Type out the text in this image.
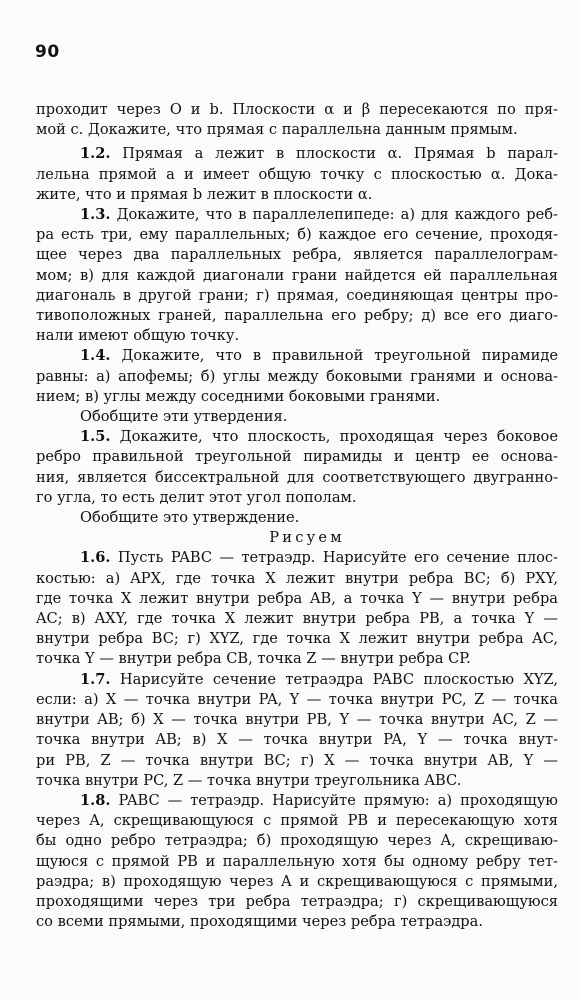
90
проходит через O и b. Плоскости α и β пересекаются по пря-
мой c. Докажите, что прямая c параллельна данным прямым.
1.2. Прямая a лежит в плоскости α. Прямая b парал-
лельна прямой a и имеет общую точку с плоскостью α. Дока-
жите, что и прямая b лежит в плоскости α.
1.3. Докажите, что в параллелепипеде: а) для каждого реб-
ра есть три, ему параллельных; б) каждое его сечение, проходя-
щее через два параллельных ребра, является параллелограм-
мом; в) для каждой диагонали грани найдется ей параллельная
диагональ в другой грани; г) прямая, соединяющая центры про-
тивоположных граней, параллельна его ребру; д) все его диаго-
нали имеют общую точку.
1.4. Докажите, что в правильной треугольной пирамиде
равны: а) апофемы; б) углы между боковыми гранями и основа-
нием; в) углы между соседними боковыми гранями.
Обобщите эти утвердения.
1.5. Докажите, что плоскость, проходящая через боковое
ребро правильной треугольной пирамиды и центр ее основа-
ния, является биссектральной для соответствующего двугранно-
го угла, то есть делит этот угол пополам.
Обобщите это утверждение.
Рисуем
1.6. Пусть PABC — тетраэдр. Нарисуйте его сечение плос-
костью: а) APX, где точка X лежит внутри ребра BC; б) PXY,
где точка X лежит внутри ребра AB, а точка Y — внутри ребра
AC; в) AXY, где точка X лежит внутри ребра PB, а точка Y —
внутри ребра BC; г) XYZ, где точка X лежит внутри ребра AC,
точка Y — внутри ребра CB, точка Z — внутри ребра CP.
1.7. Нарисуйте сечение тетраэдра PABC плоскостью XYZ,
если: а) X — точка внутри PA, Y — точка внутри PC, Z — точка
внутри AB; б) X — точка внутри PB, Y — точка внутри AC, Z —
точка внутри AB; в) X — точка внутри PA, Y — точка внут-
ри PB, Z — точка внутри BC; г) X — точка внутри AB, Y —
точка внутри PC, Z — точка внутри треугольника ABC.
1.8. PABC — тетраэдр. Нарисуйте прямую: а) проходящую
через A, скрещивающуюся с прямой PB и пересекающую хотя
бы одно ребро тетраэдра; б) проходящую через A, скрещиваю-
щуюся с прямой PB и параллельную хотя бы одному ребру тет-
раэдра; в) проходящую через A и скрещивающуюся с прямыми,
проходящими через три ребра тетраэдра; г) скрещивающуюся
со всеми прямыми, проходящими через ребра тетраэдра.
